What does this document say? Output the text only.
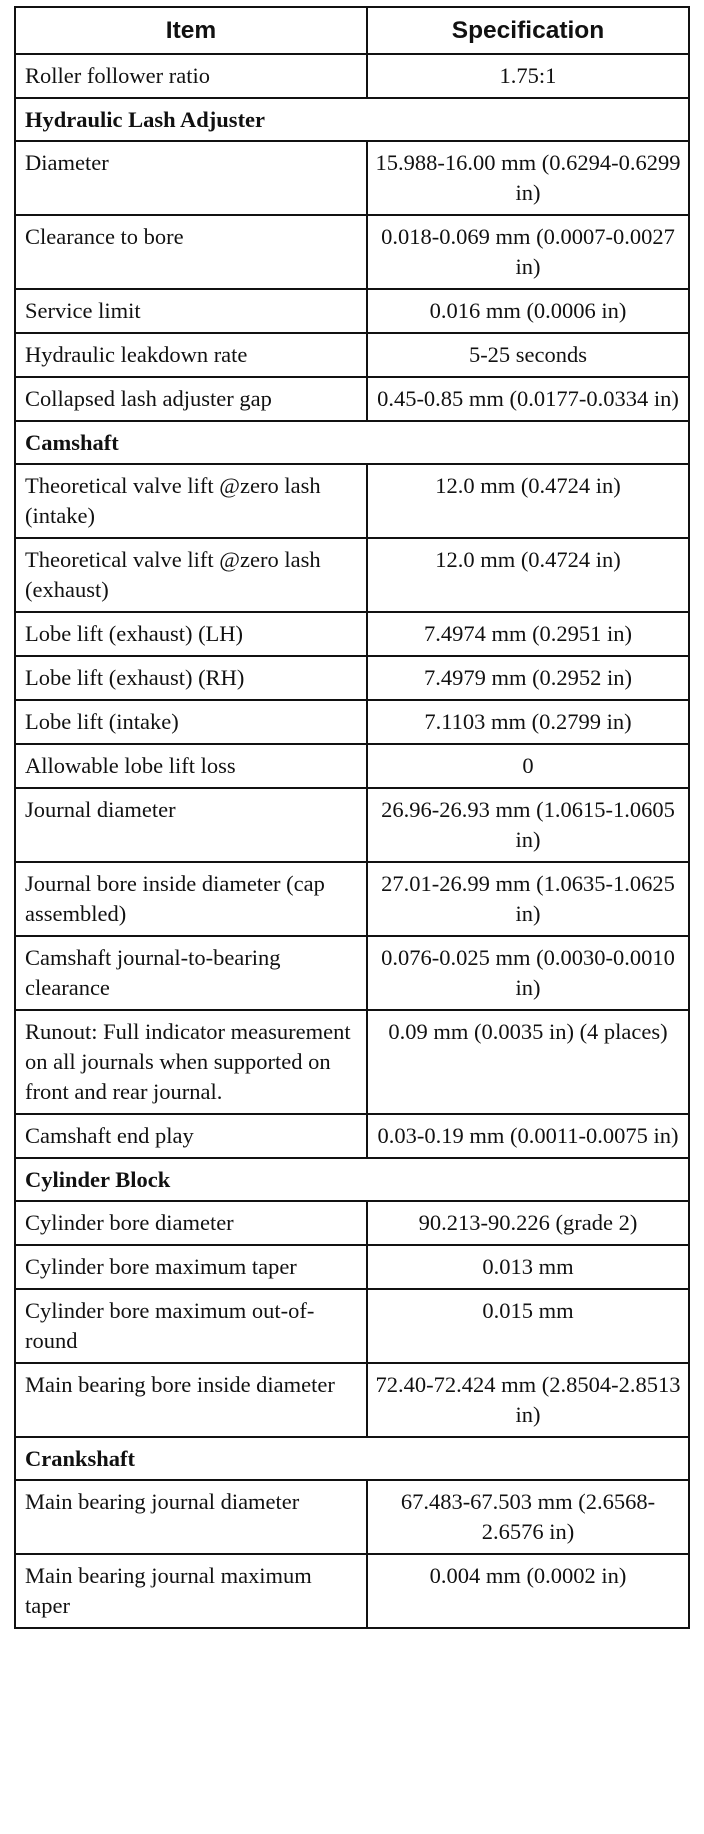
Item	Specification
Roller follower ratio	1.75:1
Hydraulic Lash Adjuster	
Diameter	15.988-16.00 mm (0.6294-0.6299 in)
Clearance to bore	0.018-0.069 mm (0.0007-0.0027 in)
Service limit	0.016 mm (0.0006 in)
Hydraulic leakdown rate	5-25 seconds
Collapsed lash adjuster gap	0.45-0.85 mm (0.0177-0.0334 in)
Camshaft	
Theoretical valve lift @zero lash (intake)	12.0 mm (0.4724 in)
Theoretical valve lift @zero lash (exhaust)	12.0 mm (0.4724 in)
Lobe lift (exhaust) (LH)	7.4974 mm (0.2951 in)
Lobe lift (exhaust) (RH)	7.4979 mm (0.2952 in)
Lobe lift (intake)	7.1103 mm (0.2799 in)
Allowable lobe lift loss	0
Journal diameter	26.96-26.93 mm (1.0615-1.0605 in)
Journal bore inside diameter (cap assembled)	27.01-26.99 mm (1.0635-1.0625 in)
Camshaft journal-to-bearing clearance	0.076-0.025 mm (0.0030-0.0010 in)
Runout: Full indicator measurement on all journals when supported on front and rear journal.	0.09 mm (0.0035 in) (4 places)
Camshaft end play	0.03-0.19 mm (0.0011-0.0075 in)
Cylinder Block	
Cylinder bore diameter	90.213-90.226 (grade 2)
Cylinder bore maximum taper	0.013 mm
Cylinder bore maximum out-of-round	0.015 mm
Main bearing bore inside diameter	72.40-72.424 mm (2.8504-2.8513 in)
Crankshaft	
Main bearing journal diameter	67.483-67.503 mm (2.6568-2.6576 in)
Main bearing journal maximum taper	0.004 mm (0.0002 in)
